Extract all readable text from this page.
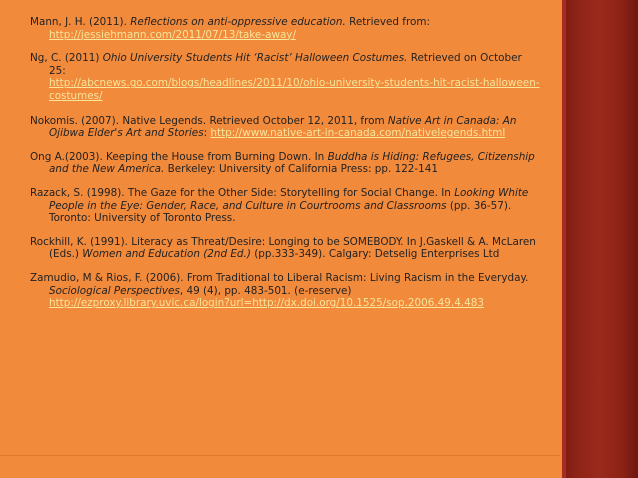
Mann, J. H. (2011). Reflections on anti-oppressive education. Retrieved from: http://jessiehmann.com/2011/07/13/take-away/

Ng, C. (2011) Ohio University Students Hit ‘Racist’ Halloween Costumes. Retrieved on October 25:
http://abcnews.go.com/blogs/headlines/2011/10/ohio-university-students-hit-racist-halloween-costumes/

Nokomis. (2007). Native Legends. Retrieved October 12, 2011, from Native Art in Canada: An Ojibwa Elder's Art and Stories: http://www.native-art-in-canada.com/nativelegends.html

Ong A.(2003). Keeping the House from Burning Down. In Buddha is Hiding: Refugees, Citizenship and the New America. Berkeley: University of California Press: pp. 122-141

Razack, S. (1998). The Gaze for the Other Side: Storytelling for Social Change. In Looking White People in the Eye: Gender, Race, and Culture in Courtrooms and Classrooms (pp. 36-57). Toronto: University of Toronto Press.

Rockhill, K. (1991). Literacy as Threat/Desire: Longing to be SOMEBODY. In J.Gaskell & A. McLaren (Eds.) Women and Education (2nd Ed.) (pp.333-349). Calgary: Detselig Enterprises Ltd

Zamudio, M & Rios, F. (2006). From Traditional to Liberal Racism: Living Racism in the Everyday. Sociological Perspectives, 49 (4), pp. 483-501. (e-reserve)
http://ezproxy.library.uvic.ca/login?url=http://dx.doi.org/10.1525/sop.2006.49.4.483
